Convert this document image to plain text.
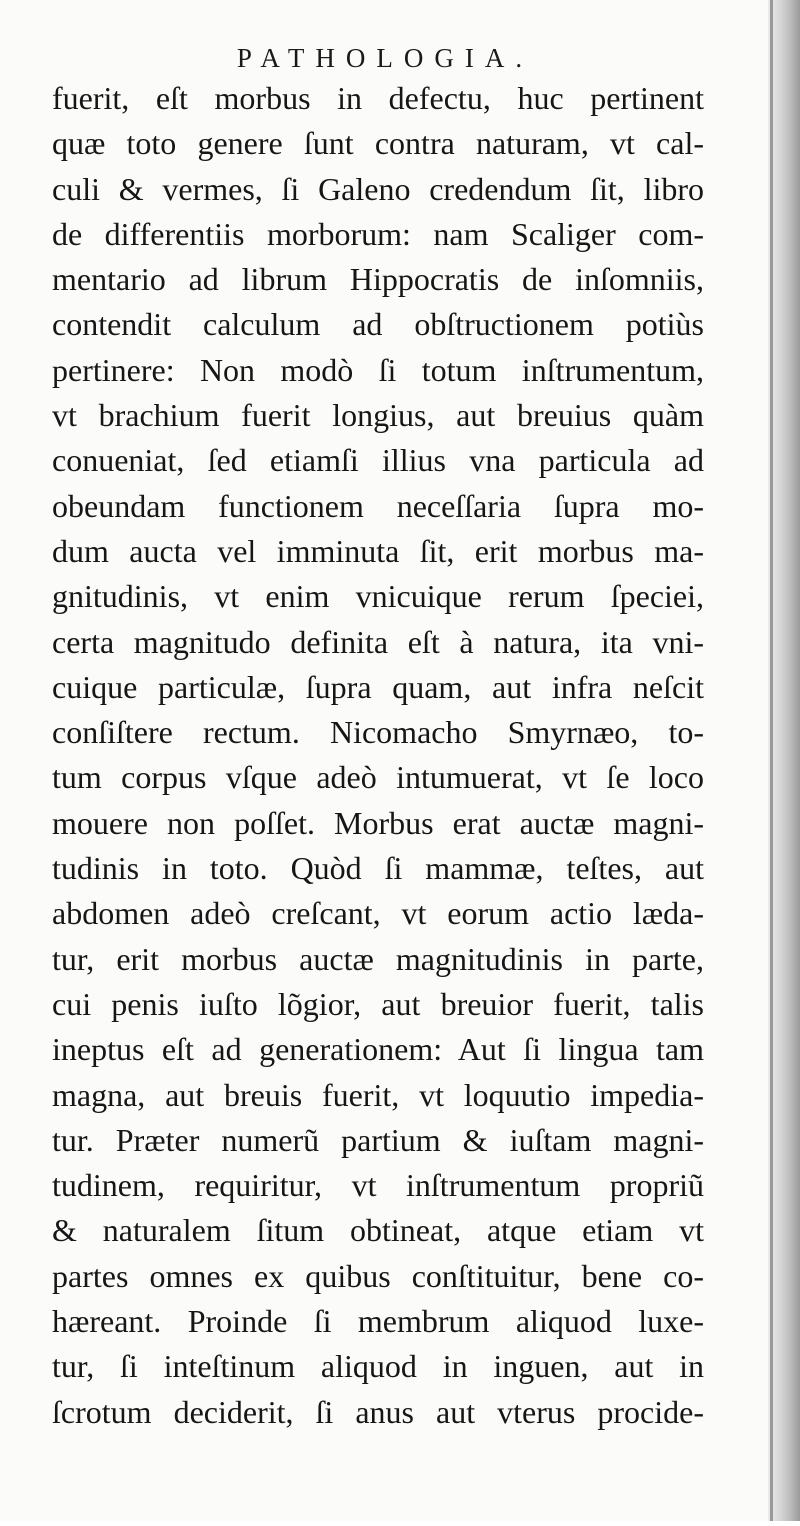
PATHOLOGIA.
fuerit, eſt morbus in defectu, huc pertinent
quæ toto genere ſunt contra naturam, vt cal-
culi & vermes, ſi Galeno credendum ſit, libro
de differentiis morborum: nam Scaliger com-
mentario ad librum Hippocratis de inſomniis,
contendit calculum ad obſtructionem potiùs
pertinere: Non modò ſi totum inſtrumentum,
vt brachium fuerit longius, aut breuius quàm
conueniat, ſed etiamſi illius vna particula ad
obeundam functionem neceſſaria ſupra mo-
dum aucta vel imminuta ſit, erit morbus ma-
gnitudinis, vt enim vnicuique rerum ſpeciei,
certa magnitudo definita eſt à natura, ita vni-
cuique particulæ, ſupra quam, aut infra neſcit
conſiſtere rectum. Nicomacho Smyrnæo, to-
tum corpus vſque adeò intumuerat, vt ſe loco
mouere non poſſet. Morbus erat auctæ magni-
tudinis in toto. Quòd ſi mammæ, teſtes, aut
abdomen adeò creſcant, vt eorum actio læda-
tur, erit morbus auctæ magnitudinis in parte,
cui penis iuſto lõgior, aut breuior fuerit, talis
ineptus eſt ad generationem: Aut ſi lingua tam
magna, aut breuis fuerit, vt loquutio impedia-
tur. Præter numerũ partium & iuſtam magni-
tudinem, requiritur, vt inſtrumentum propriũ
& naturalem ſitum obtineat, atque etiam vt
partes omnes ex quibus conſtituitur, bene co-
hæreant. Proinde ſi membrum aliquod luxe-
tur, ſi inteſtinum aliquod in inguen, aut in
ſcrotum deciderit, ſi anus aut vterus procide-
